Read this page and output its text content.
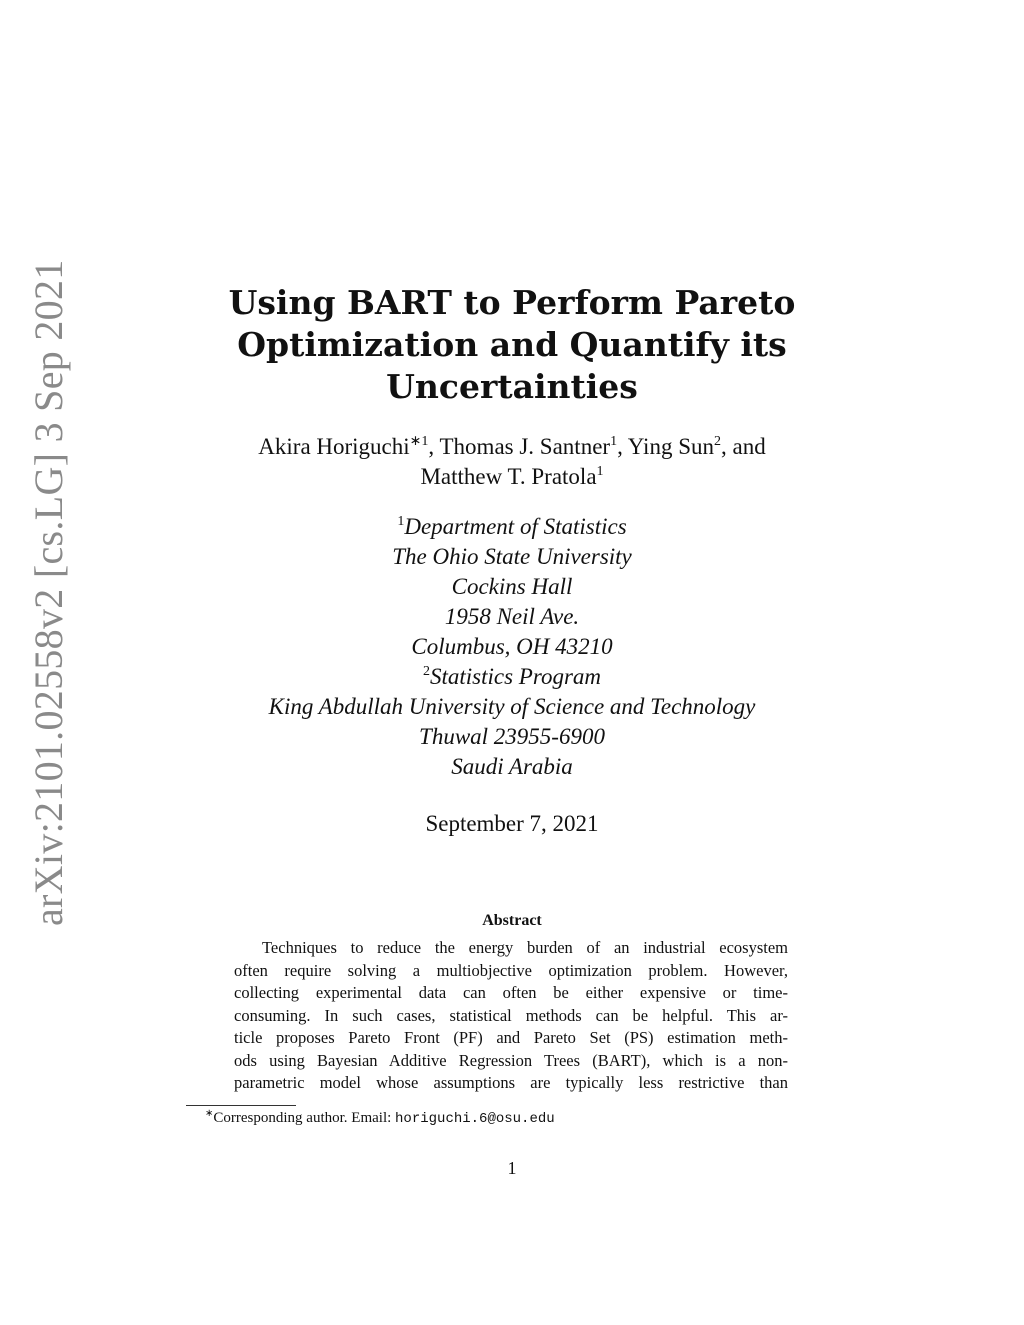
arXiv:2101.02558v2 [cs.LG] 3 Sep 2021	Using BART to Perform Pareto
Optimization and Quantify its
Uncertainties
Akira Horiguchi$^{∗1}$, Thomas J. Santner$^1$, Ying Sun$^2$, and
Matthew T. Pratola$^1$
$^1$Department of Statistics
The Ohio State University
Cockins Hall
1958 Neil Ave.
Columbus, OH 43210
$^2$Statistics Program
King Abdullah University of Science and Technology
Thuwal 23955-6900
Saudi Arabia
September 7, 2021
Abstract
Techniques to reduce the energy burden of an industrial ecosystem
often require solving a multiobjective optimization problem. However,
collecting experimental data can often be either expensive or time-
consuming. In such cases, statistical methods can be helpful. This ar-
ticle proposes Pareto Front (PF) and Pareto Set (PS) estimation meth-
ods using Bayesian Additive Regression Trees (BART), which is a non-
parametric model whose assumptions are typically less restrictive than
∗Corresponding author. Email: horiguchi.6@osu.edu
1
